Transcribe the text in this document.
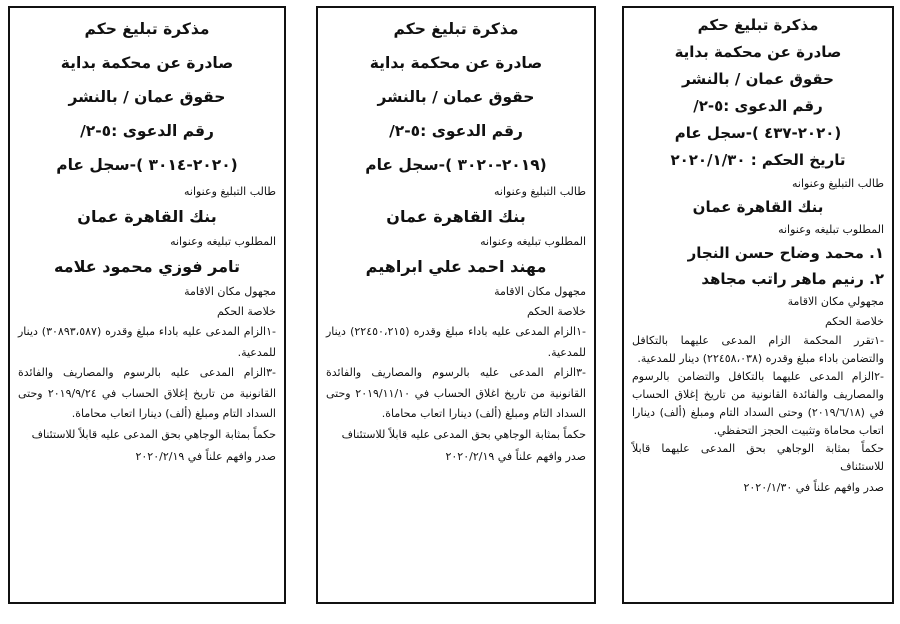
مذكرة تبليغ حكم

صادرة عن محكمة بداية

حقوق عمان / بالنشر

رقم الدعوى :٥-٢/

(٢٠٢٠-٣٠١٤ )-سجل عام

طالب التبليغ وعنوانه

بنك القاهرة عمان

المطلوب تبليغه وعنوانه

تامر فوزي محمود علامه

مجهول مكان الاقامة

خلاصة الحكم

-١الزام المدعى عليه باداء مبلغ وقدره (٣٠٨٩٣،٥٨٧) دينار للمدعية.

-٣الزام المدعى عليه بالرسوم والمصاريف والفائدة القانونية من تاريخ إغلاق الحساب في ٢٠١٩/٩/٢٤ وحتى السداد التام ومبلغ (ألف) دينارا اتعاب محاماة.

حكماً بمثابة الوجاهي بحق المدعى عليه قابلاً للاستئناف

صدر وافهم علناً في ٢٠٢٠/٢/١٩

مذكرة تبليغ حكم

صادرة عن محكمة بداية

حقوق عمان / بالنشر

رقم الدعوى :٥-٢/

(٢٠١٩-٣٠٢٠ )-سجل عام

طالب التبليغ وعنوانه

بنك القاهرة عمان

المطلوب تبليغه وعنوانه

مهند احمد علي ابراهيم

مجهول مكان الاقامة

خلاصة الحكم

-١الزام المدعى عليه باداء مبلغ وقدره (٢٢٤٥٠،٢١٥) دينار للمدعية.

-٣الزام المدعى عليه بالرسوم والمصاريف والفائدة القانونية من تاريخ اغلاق الحساب في ٢٠١٩/١١/١٠ وحتى السداد التام ومبلغ (ألف) دينارا اتعاب محاماة.

حكماً بمثابة الوجاهي بحق المدعى عليه قابلاً للاستئناف

صدر وافهم علناً في ٢٠٢٠/٢/١٩

مذكرة تبليغ حكم

صادرة عن محكمة بداية

حقوق عمان / بالنشر

رقم الدعوى :٥-٢/

(٢٠٢٠-٤٣٧ )-سجل عام

تاريخ الحكم : ٢٠٢٠/١/٣٠

طالب التبليغ وعنوانه

بنك القاهرة عمان

المطلوب تبليغه وعنوانه

١. محمد وضاح حسن النجار

٢. رنيم ماهر راتب مجاهد

مجهولي مكان الاقامة

خلاصة الحكم

-١تقرر المحكمة الزام المدعى عليهما بالتكافل والتضامن باداء مبلغ وقدره (٢٢٤٥٨،٠٣٨) دينار للمدعية.

-٢الزام المدعى عليهما بالتكافل والتضامن بالرسوم والمصاريف والفائدة القانونية من تاريخ إغلاق الحساب في (٢٠١٩/٦/١٨) وحتى السداد التام ومبلغ (ألف) دينارا اتعاب محاماة وتثبيت الحجز التحفظي.

حكماً بمثابة الوجاهي بحق المدعى عليهما قابلاً للاستئناف

صدر وافهم علناً في ٢٠٢٠/١/٣٠
